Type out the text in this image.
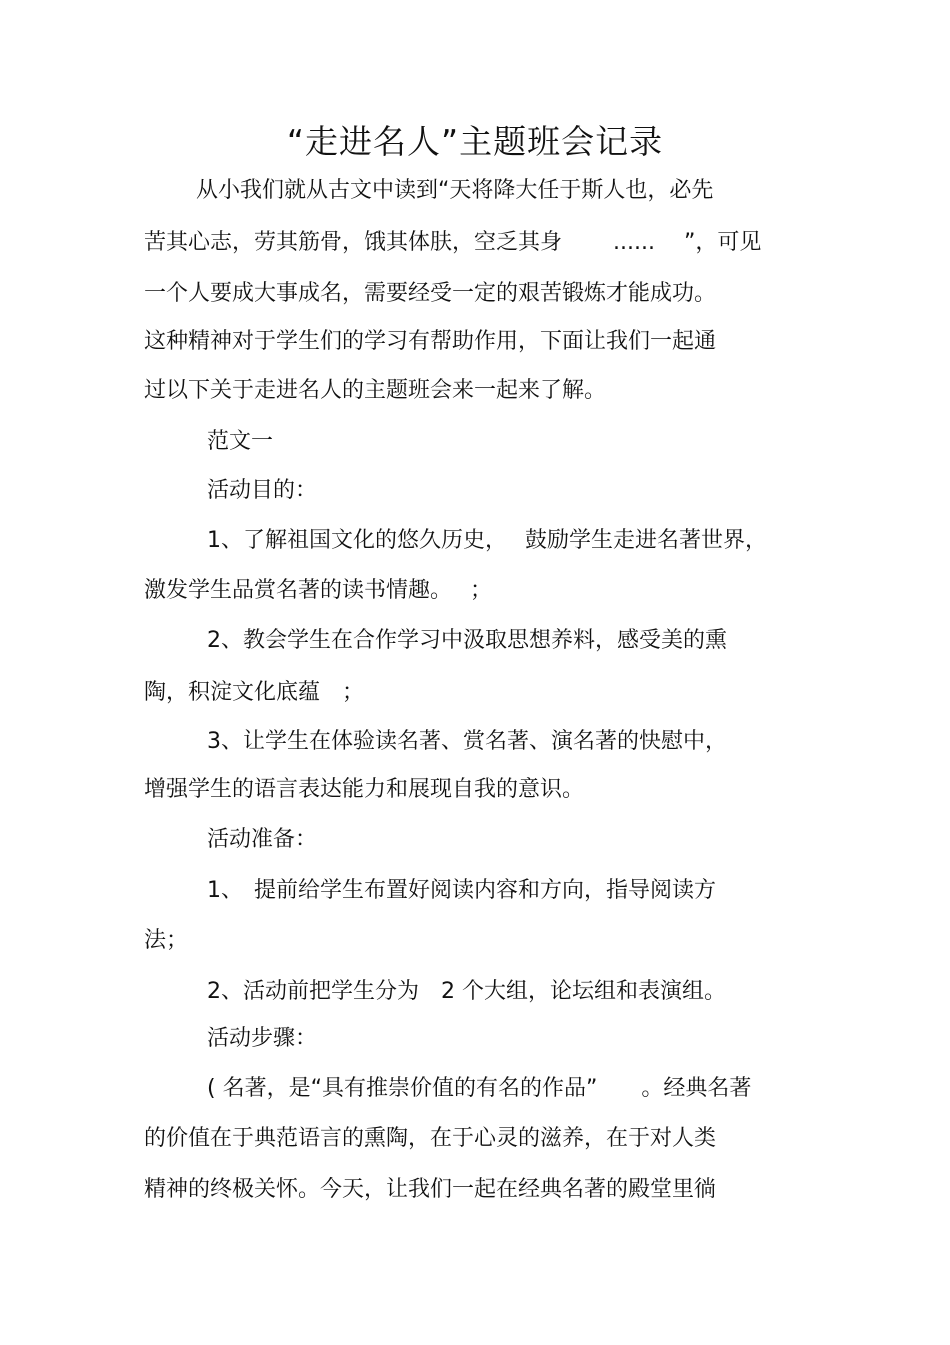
“走进名人”主题班会记录
从小我们就从古文中读到“天将降大任于斯人也，必先
苦其心志，劳其筋骨，饿其体肤，空乏其身　　 ......　 ”，可见
一个人要成大事成名，需要经受一定的艰苦锻炼才能成功。
这种精神对于学生们的学习有帮助作用，下面让我们一起通
过以下关于走进名人的主题班会来一起来了解。
范文一
活动目的：
1、了解祖国文化的悠久历史，　 鼓励学生走进名著世界，
激发学生品赏名著的读书情趣。　 ；
2、教会学生在合作学习中汲取思想养料，感受美的熏
陶，积淀文化底蕴　；
3、让学生在体验读名著、赏名著、演名著的快慰中，
增强学生的语言表达能力和展现自我的意识。
活动准备：
1、　提前给学生布置好阅读内容和方向，指导阅读方
法；
2、活动前把学生分为　2 个大组，论坛组和表演组。
活动步骤：
( 名著，是“具有推崇价值的有名的作品”　　。经典名著
的价值在于典范语言的熏陶，在于心灵的滋养，在于对人类
精神的终极关怀。今天，让我们一起在经典名著的殿堂里徜
